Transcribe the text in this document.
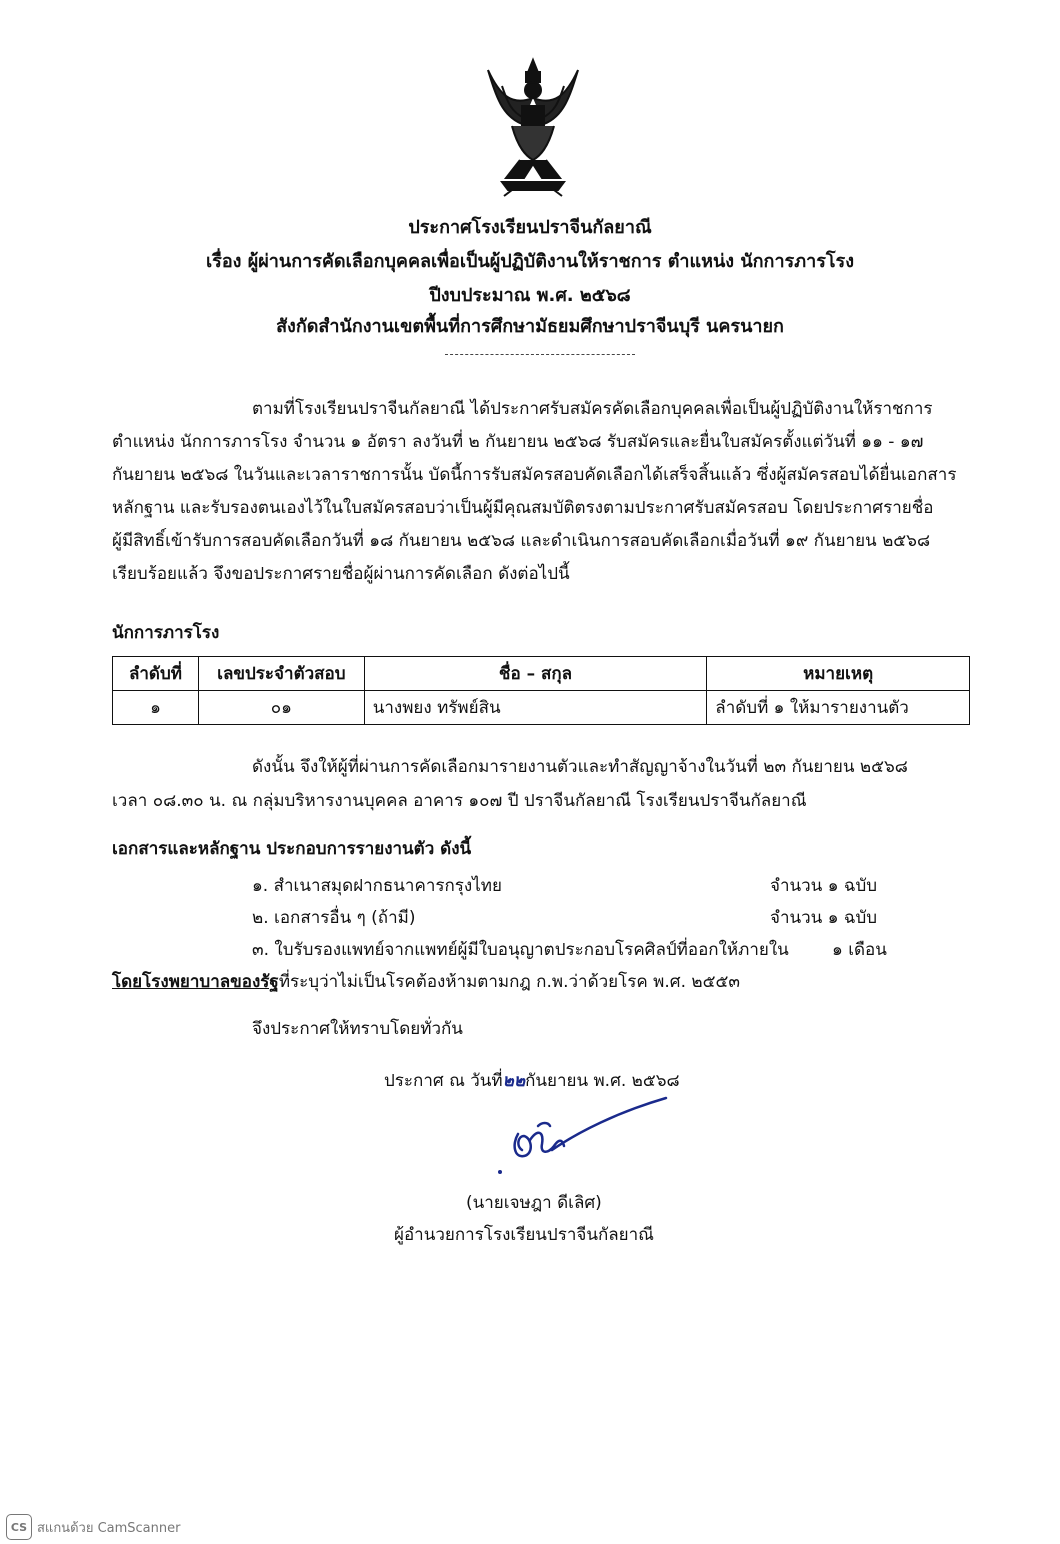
ประกาศโรงเรียนปราจีนกัลยาณี
เรื่อง ผู้ผ่านการคัดเลือกบุคคลเพื่อเป็นผู้ปฏิบัติงานให้ราชการ ตำแหน่ง นักการภารโรง
ปีงบประมาณ พ.ศ. ๒๕๖๘
สังกัดสำนักงานเขตพื้นที่การศึกษามัธยมศึกษาปราจีนบุรี นครนายก
ตามที่โรงเรียนปราจีนกัลยาณี ได้ประกาศรับสมัครคัดเลือกบุคคลเพื่อเป็นผู้ปฏิบัติงานให้ราชการ
ตำแหน่ง นักการภารโรง จำนวน ๑ อัตรา ลงวันที่ ๒ กันยายน ๒๕๖๘ รับสมัครและยื่นใบสมัครตั้งแต่วันที่ ๑๑ - ๑๗
กันยายน ๒๕๖๘ ในวันและเวลาราชการนั้น บัดนี้การรับสมัครสอบคัดเลือกได้เสร็จสิ้นแล้ว ซึ่งผู้สมัครสอบได้ยื่นเอกสาร
หลักฐาน และรับรองตนเองไว้ในใบสมัครสอบว่าเป็นผู้มีคุณสมบัติตรงตามประกาศรับสมัครสอบ โดยประกาศรายชื่อ
ผู้มีสิทธิ์เข้ารับการสอบคัดเลือกวันที่ ๑๘ กันยายน ๒๕๖๘ และดำเนินการสอบคัดเลือกเมื่อวันที่ ๑๙ กันยายน ๒๕๖๘
เรียบร้อยแล้ว จึงขอประกาศรายชื่อผู้ผ่านการคัดเลือก ดังต่อไปนี้
นักการภารโรง
ลำดับที่	เลขประจำตัวสอบ	ชื่อ – สกุล	หมายเหตุ
๑	๐๑	นางพยง ทรัพย์สิน	ลำดับที่ ๑ ให้มารายงานตัว
ดังนั้น จึงให้ผู้ที่ผ่านการคัดเลือกมารายงานตัวและทำสัญญาจ้างในวันที่ ๒๓ กันยายน ๒๕๖๘
เวลา ๐๘.๓๐ น. ณ กลุ่มบริหารงานบุคคล อาคาร ๑๐๗ ปี ปราจีนกัลยาณี โรงเรียนปราจีนกัลยาณี
เอกสารและหลักฐาน ประกอบการรายงานตัว ดังนี้
๑. สำเนาสมุดฝากธนาคารกรุงไทย	จำนวน ๑ ฉบับ
๒. เอกสารอื่น ๆ (ถ้ามี)	จำนวน ๑ ฉบับ
๓. ใบรับรองแพทย์จากแพทย์ผู้มีใบอนุญาตประกอบโรคศิลป์ที่ออกให้ภายใน	๑ เดือน
โดยโรงพยาบาลของรัฐที่ระบุว่าไม่เป็นโรคต้องห้ามตามกฎ ก.พ.ว่าด้วยโรค พ.ศ. ๒๕๕๓
จึงประกาศให้ทราบโดยทั่วกัน
ประกาศ ณ วันที่๒๒กันยายน พ.ศ. ๒๕๖๘
(นายเจษฎา ดีเลิศ)
ผู้อำนวยการโรงเรียนปราจีนกัลยาณี
CS สแกนด้วย CamScanner
